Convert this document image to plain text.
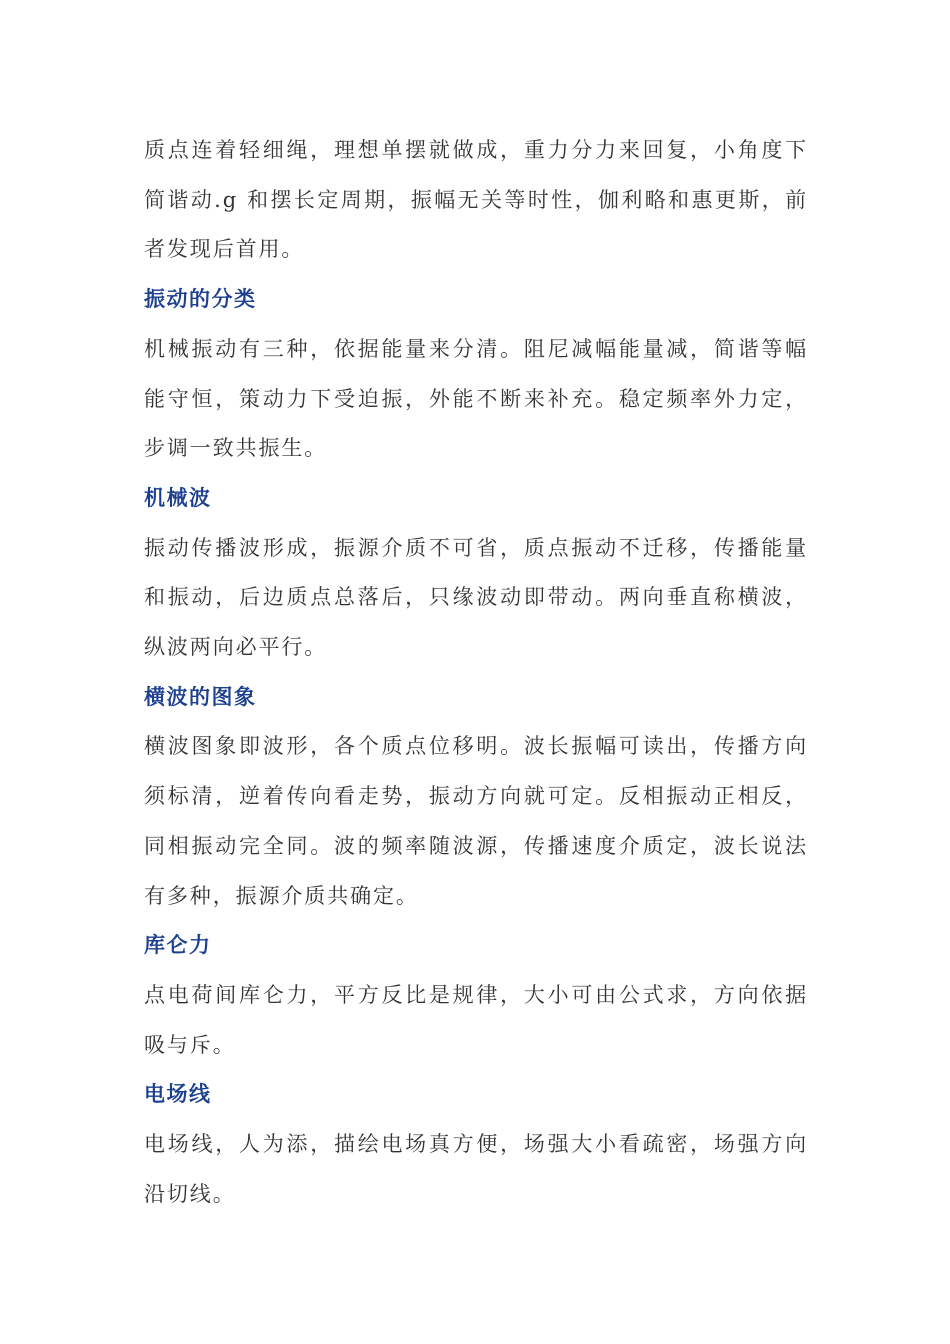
质点连着轻细绳，理想单摆就做成，重力分力来回复，小角度下简谐动.g 和摆长定周期，振幅无关等时性，伽利略和惠更斯，前者发现后首用。

振动的分类

机械振动有三种，依据能量来分清。阻尼减幅能量减，简谐等幅能守恒，策动力下受迫振，外能不断来补充。稳定频率外力定，步调一致共振生。

机械波

振动传播波形成，振源介质不可省，质点振动不迁移，传播能量和振动，后边质点总落后，只缘波动即带动。两向垂直称横波，纵波两向必平行。

横波的图象

横波图象即波形，各个质点位移明。波长振幅可读出，传播方向须标清，逆着传向看走势，振动方向就可定。反相振动正相反，同相振动完全同。波的频率随波源，传播速度介质定，波长说法有多种，振源介质共确定。

库仑力

点电荷间库仑力，平方反比是规律，大小可由公式求，方向依据吸与斥。

电场线

电场线，人为添，描绘电场真方便，场强大小看疏密，场强方向沿切线。
